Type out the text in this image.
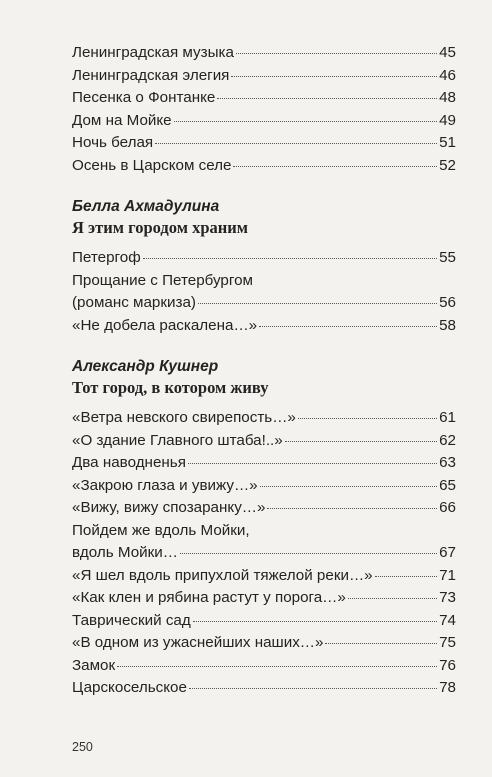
Ленинградская музыка	45
Ленинградская элегия	46
Песенка о Фонтанке	48
Дом на Мойке	49
Ночь белая	51
Осень в Царском селе	52
Белла Ахмадулина
Я этим городом храним
Петергоф	55
Прощание с Петербургом
(романс маркиза)	56
«Не добела раскалена…»	58
Александр Кушнер
Тот город, в котором живу
«Ветра невского свирепость…»	61
«О здание Главного штаба!..»	62
Два наводненья	63
«Закрою глаза и увижу…»	65
«Вижу, вижу спозаранку…»	66
Пойдем же вдоль Мойки,
вдоль Мойки…	67
«Я шел вдоль припухлой тяжелой реки…»	71
«Как клен и рябина растут у порога…»	73
Таврический сад	74
«В одном из ужаснейших наших…»	75
Замок	76
Царскосельское	78
250
